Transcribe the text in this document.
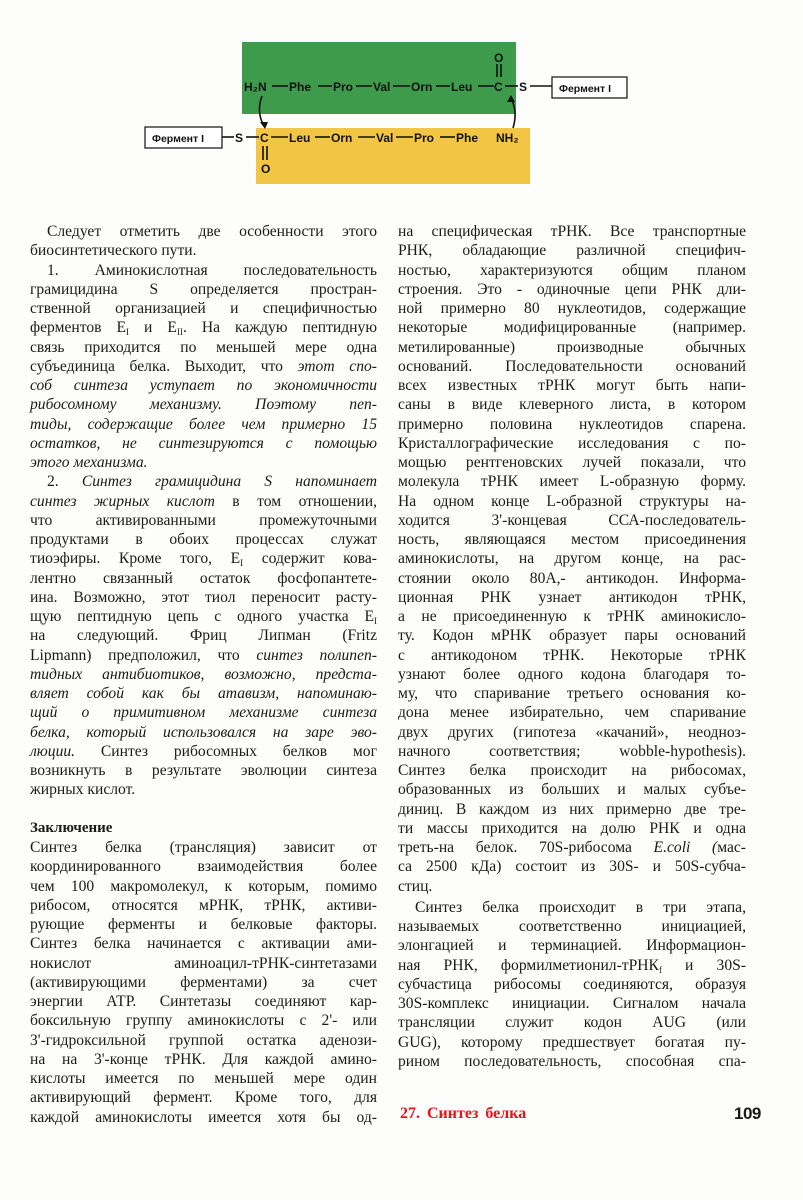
H₂N Phe Pro Val Orn Leu C S
O
S C Leu Orn Val Pro Phe NH₂
O
Фермент I
Фермент I
Следует отметить две особенности этого
биосинтетического пути.
1. Аминокислотная последовательность
грамицидина S определяется простран-
ственной организацией и специфичностью
ферментов $E_I$ и $E_{II}$. На каждую пептидную
связь приходится по меньшей мере одна
субъединица белка. Выходит, что этот спо-
соб синтеза уступает по экономичности
рибосомному механизму. Поэтому пеп-
тиды, содержащие более чем примерно 15
остатков, не синтезируются с помощью
этого механизма.
2. Синтез грамицидина S напоминает
синтез жирных кислот в том отношении,
что активированными промежуточными
продуктами в обоих процессах служат
тиоэфиры. Кроме того, $E_I$ содержит кова-
лентно связанный остаток фосфопантете-
ина. Возможно, этот тиол переносит расту-
щую пептидную цепь с одного участка $E_I$
на следующий. Фриц Липман (Fritz
Lipmann) предположил, что синтез полипеп-
тидных антибиотиков, возможно, предста-
вляет собой как бы атавизм, напоминаю-
щий о примитивном механизме синтеза
белка, который использовался на заре эво-
люции. Синтез рибосомных белков мог
возникнуть в результате эволюции синтеза
жирных кислот.
Заключение
Синтез белка (трансляция) зависит от
координированного взаимодействия более
чем 100 макромолекул, к которым, помимо
рибосом, относятся мРНК, тРНК, активи-
рующие ферменты и белковые факторы.
Синтез белка начинается с активации ами-
нокислот аминоацил-тРНК-синтетазами
(активирующими ферментами) за счет
энергии АТР. Синтетазы соединяют кар-
боксильную группу аминокислоты с 2'- или
3'-гидроксильной группой остатка аденози-
на на 3'-конце тРНК. Для каждой амино-
кислоты имеется по меньшей мере один
активирующий фермент. Кроме того, для
каждой аминокислоты имеется хотя бы од-
на специфическая тРНК. Все транспортные
РНК, обладающие различной специфич-
ностью, характеризуются общим планом
строения. Это - одиночные цепи РНК дли-
ной примерно 80 нуклеотидов, содержащие
некоторые модифицированные (например.
метилированные) производные обычных
оснований. Последовательности оснований
всех известных тРНК могут быть напи-
саны в виде клеверного листа, в котором
примерно половина нуклеотидов спарена.
Кристаллографические исследования с по-
мощью рентгеновских лучей показали, что
молекула тРНК имеет L-образную форму.
На одном конце L-образной структуры на-
ходится 3'-концевая ССА-последователь-
ность, являющаяся местом присоединения
аминокислоты, на другом конце, на рас-
стоянии около 80А,- антикодон. Информа-
ционная РНК узнает антикодон тРНК,
а не присоединенную к тРНК аминокисло-
ту. Кодон мРНК образует пары оснований
с антикодоном тРНК. Некоторые тРНК
узнают более одного кодона благодаря то-
му, что спаривание третьего основания ко-
дона менее избирательно, чем спаривание
двух других (гипотеза «качаний», неоднoз-
начного соответствия; wobble-hypothesis).
Синтез белка происходит на рибосомах,
образованных из больших и малых субъе-
диниц. В каждом из них примерно две тре-
ти массы приходится на долю РНК и одна
треть-на белок. 70S-рибосома E.coli (мас-
са 2500 кДа) состоит из 30S- и 50S-субча-
стиц.
Синтез белка происходит в три этапа,
называемых соответственно инициацией,
элонгацией и терминацией. Информацион-
ная РНК, формилметионил-тРНК$_f$ и 30S-
субчастица рибосомы соединяются, образуя
30S-комплекс инициации. Сигналом начала
трансляции служит кодон AUG (или
GUG), которому предшествует богатая пу-
рином последовательность, способная спа-
27. Синтез белка	109
